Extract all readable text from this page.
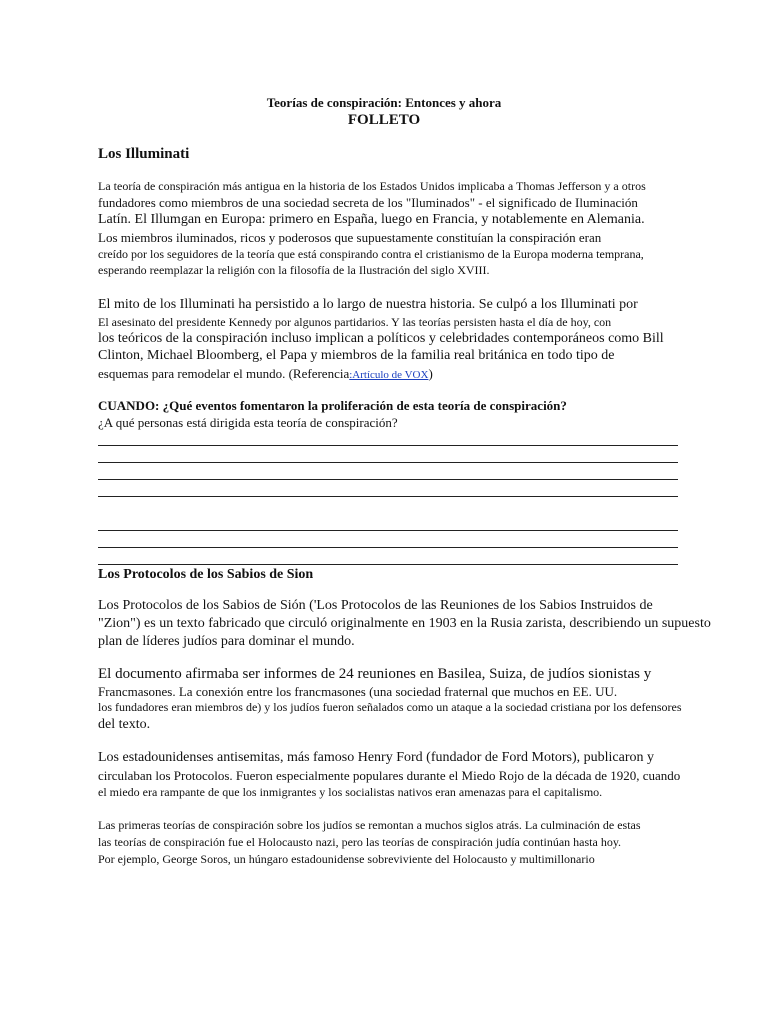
Teorías de conspiración: Entonces y ahora
FOLLETO
Los Illuminati
La teoría de conspiración más antigua en la historia de los Estados Unidos implicaba a Thomas Jefferson y a otros
fundadores como miembros de una sociedad secreta de los "Iluminados" - el significado de Iluminación
Latín. El Illumgan en Europa: primero en España, luego en Francia, y notablemente en Alemania.
Los miembros iluminados, ricos y poderosos que supuestamente constituían la conspiración eran
creído por los seguidores de la teoría que está conspirando contra el cristianismo de la Europa moderna temprana,
esperando reemplazar la religión con la filosofía de la Ilustración del siglo XVIII.
El mito de los Illuminati ha persistido a lo largo de nuestra historia. Se culpó a los Illuminati por
El asesinato del presidente Kennedy por algunos partidarios. Y las teorías persisten hasta el día de hoy, con
los teóricos de la conspiración incluso implican a políticos y celebridades contemporáneos como Bill
Clinton, Michael Bloomberg, el Papa y miembros de la familia real británica en todo tipo de
esquemas para remodelar el mundo. (Referencia:Artículo de VOX)
CUANDO: ¿Qué eventos fomentaron la proliferación de esta teoría de conspiración?
¿A qué personas está dirigida esta teoría de conspiración?
Los Protocolos de los Sabios de Sion
Los Protocolos de los Sabios de Sión ('Los Protocolos de las Reuniones de los Sabios Instruidos de
"Zion") es un texto fabricado que circuló originalmente en 1903 en la Rusia zarista, describiendo un supuesto
plan de líderes judíos para dominar el mundo.
El documento afirmaba ser informes de 24 reuniones en Basilea, Suiza, de judíos sionistas y
Francmasones. La conexión entre los francmasones (una sociedad fraternal que muchos en EE. UU.
los fundadores eran miembros de) y los judíos fueron señalados como un ataque a la sociedad cristiana por los defensores
del texto.
Los estadounidenses antisemitas, más famoso Henry Ford (fundador de Ford Motors), publicaron y
circulaban los Protocolos. Fueron especialmente populares durante el Miedo Rojo de la década de 1920, cuando
el miedo era rampante de que los inmigrantes y los socialistas nativos eran amenazas para el capitalismo.
Las primeras teorías de conspiración sobre los judíos se remontan a muchos siglos atrás. La culminación de estas
las teorías de conspiración fue el Holocausto nazi, pero las teorías de conspiración judía continúan hasta hoy.
Por ejemplo, George Soros, un húngaro estadounidense sobreviviente del Holocausto y multimillonario
